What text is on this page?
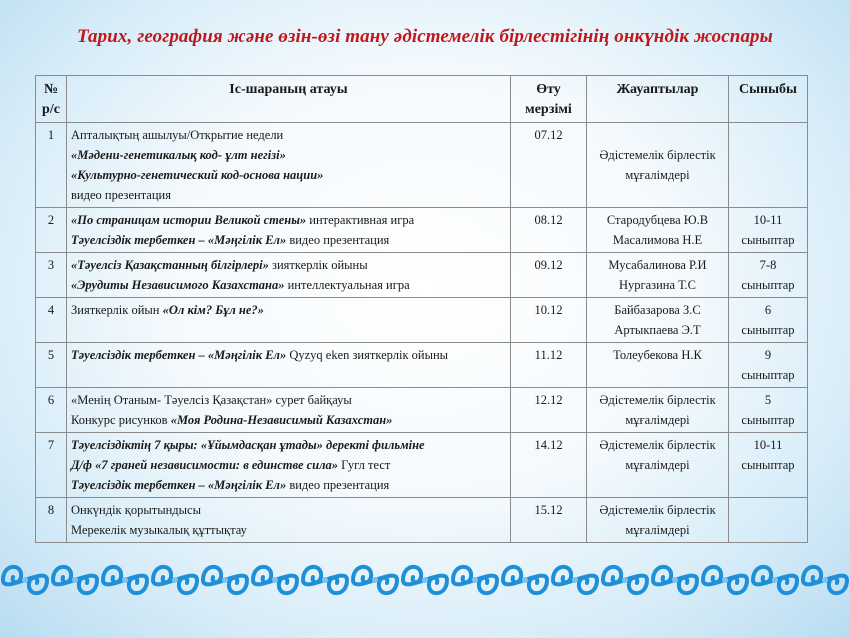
Тарих, география және өзін-өзі тану әдістемелік бірлестігінің онкүндік жоспары
№
р/с	Іс-шараның атауы	Өту
мерзімі	Жауаптылар	Сыныбы
1	Апталықтың ашылуы/Открытие недели
«Мәдени-генетикалық код- ұлт негізі»
«Культурно-генетический код-основа нации»
видео презентация	07.12	Әдістемелік бірлестік
мұғалімдері	

2	«По страницам истории Великой стены» интерактивная игра
Тәуелсіздік тербеткен – «Мәңгілік Ел» видео презентация	08.12	Стародубцева Ю.В
Масалимова Н.Е	10-11
сыныптар

3	«Тәуелсіз Қазақстанның білгірлері» зияткерлік ойыны
«Эрудиты Независимого Казахстана» интеллектуальная игра	09.12	Мусабалинова Р.И
Нургазина Т.С	7-8
сыныптар

4	Зияткерлік ойын «Ол кім? Бұл не?»	10.12	Байбазарова З.С
Артыкпаева Э.Т	6
сыныптар

5	Тәуелсіздік тербеткен – «Мәңгілік Ел» Qyzyq eken зияткерлік ойыны	11.12	Толеубекова Н.К	9
сыныптар

6	«Менің Отаным- Тәуелсіз Қазақстан» сурет байқауы
Конкурс рисунков «Моя Родина-Независимый Казахстан»	12.12	Әдістемелік бірлестік
мұғалімдері	5
сыныптар

7	Тәуелсіздіктің 7 қыры: «Ұйымдасқан ұтады» деректі фильміне
Д/ф «7 граней независимости: в единстве сила» Гугл тест
Тәуелсіздік тербеткен – «Мәңгілік Ел» видео презентация	14.12	Әдістемелік бірлестік
мұғалімдері	10-11
сыныптар

8	Онкүндік қорытындысы
Мерекелік музыкалық құттықтау	15.12	Әдістемелік бірлестік
мұғалімдері	
